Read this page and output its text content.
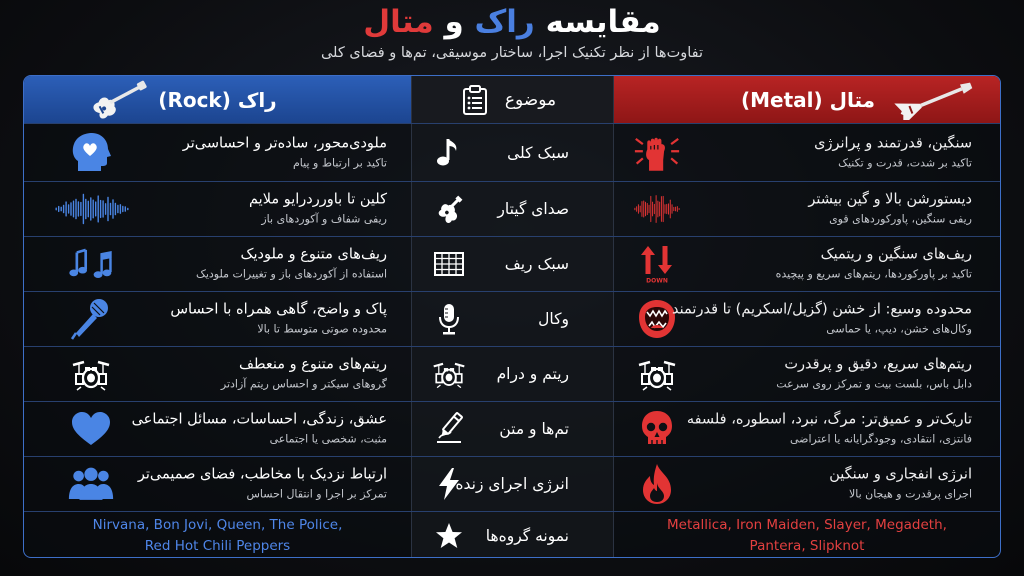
مقایسه راک و متال
تفاوت‌ها از نظر تکنیک اجرا، ساختار موسیقی، تم‌ها و فضای کلی
راک (Rock)	موضوع	متال (Metal)
ملودی‌محور، ساده‌تر و احساسی‌تر
تاکید بر ارتباط و پیام
سبک کلی
سنگین، قدرتمند و پرانرژی
تاکید بر شدت، قدرت و تکنیک
کلین تا باورردرایو ملایم
ریفی شفاف و آکوردهای باز
صدای گیتار
دیستورشن بالا و گین بیشتر
ریفی سنگین، پاورکوردهای قوی
ریف‌های متنوع و ملودیک
استفاده از آکوردهای باز و تغییرات ملودیک
سبک ریف
DOWN
ریف‌های سنگین و ریتمیک
تاکید بر پاورکوردها، ریتم‌های سریع و پیچیده
پاک و واضح، گاهی همراه با احساس
محدوده صوتی متوسط تا بالا
وکال
محدوده وسیع: از خشن (گزیل/اسکریم) تا قدرتمند
وکال‌های خشن، دیپ، یا حماسی
ریتم‌های متنوع و منعطف
گروهای سیکتر و احساس ریتم آزادتر
ریتم و درام
ریتم‌های سریع، دقیق و پرقدرت
دابل باس، بلست بیت و تمرکز روی سرعت
عشق، زندگی، احساسات، مسائل اجتماعی
مثبت، شخصی یا اجتماعی
تم‌ها و متن
تاریک‌تر و عمیق‌تر: مرگ، نبرد، اسطوره، فلسفه
فانتزی، انتقادی، وجودگرایانه یا اعتراضی
ارتباط نزدیک با مخاطب، فضای صمیمی‌تر
تمرکز بر اجرا و انتقال احساس
انرژی اجرای زنده
انرژی انفجاری و سنگین
اجرای پرقدرت و هیجان بالا
Nirvana, Bon Jovi, Queen, The Police,
Red Hot Chili Peppers
نمونه گروه‌ها
Metallica, Iron Maiden, Slayer, Megadeth,
Pantera, Slipknot
